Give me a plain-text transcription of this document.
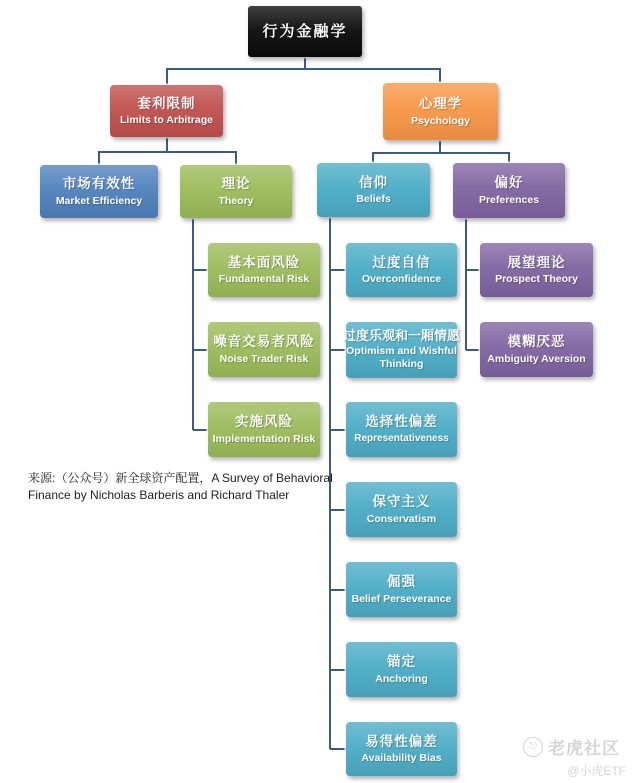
行为金融学
套利限制
Limits to Arbitrage
心理学
Psychology
市场有效性
Market Efficiency
理论
Theory
信仰
Beliefs
偏好
Preferences
基本面风险
Fundamental Risk
噪音交易者风险
Noise Trader Risk
实施风险
Implementation Risk
过度自信
Overconfidence
过度乐观和一厢情愿
Optimism and Wishful Thinking
选择性偏差
Representativeness
保守主义
Conservatism
倔强
Belief Perseverance
锚定
Anchoring
易得性偏差
Availability Bias
展望理论
Prospect Theory
模糊厌恶
Ambiguity Aversion
来源:（公众号）新全球资产配置，A Survey of Behavioral
Finance by Nicholas Barberis and Richard Thaler
⎋ 老虎社区
@小虎ETF
